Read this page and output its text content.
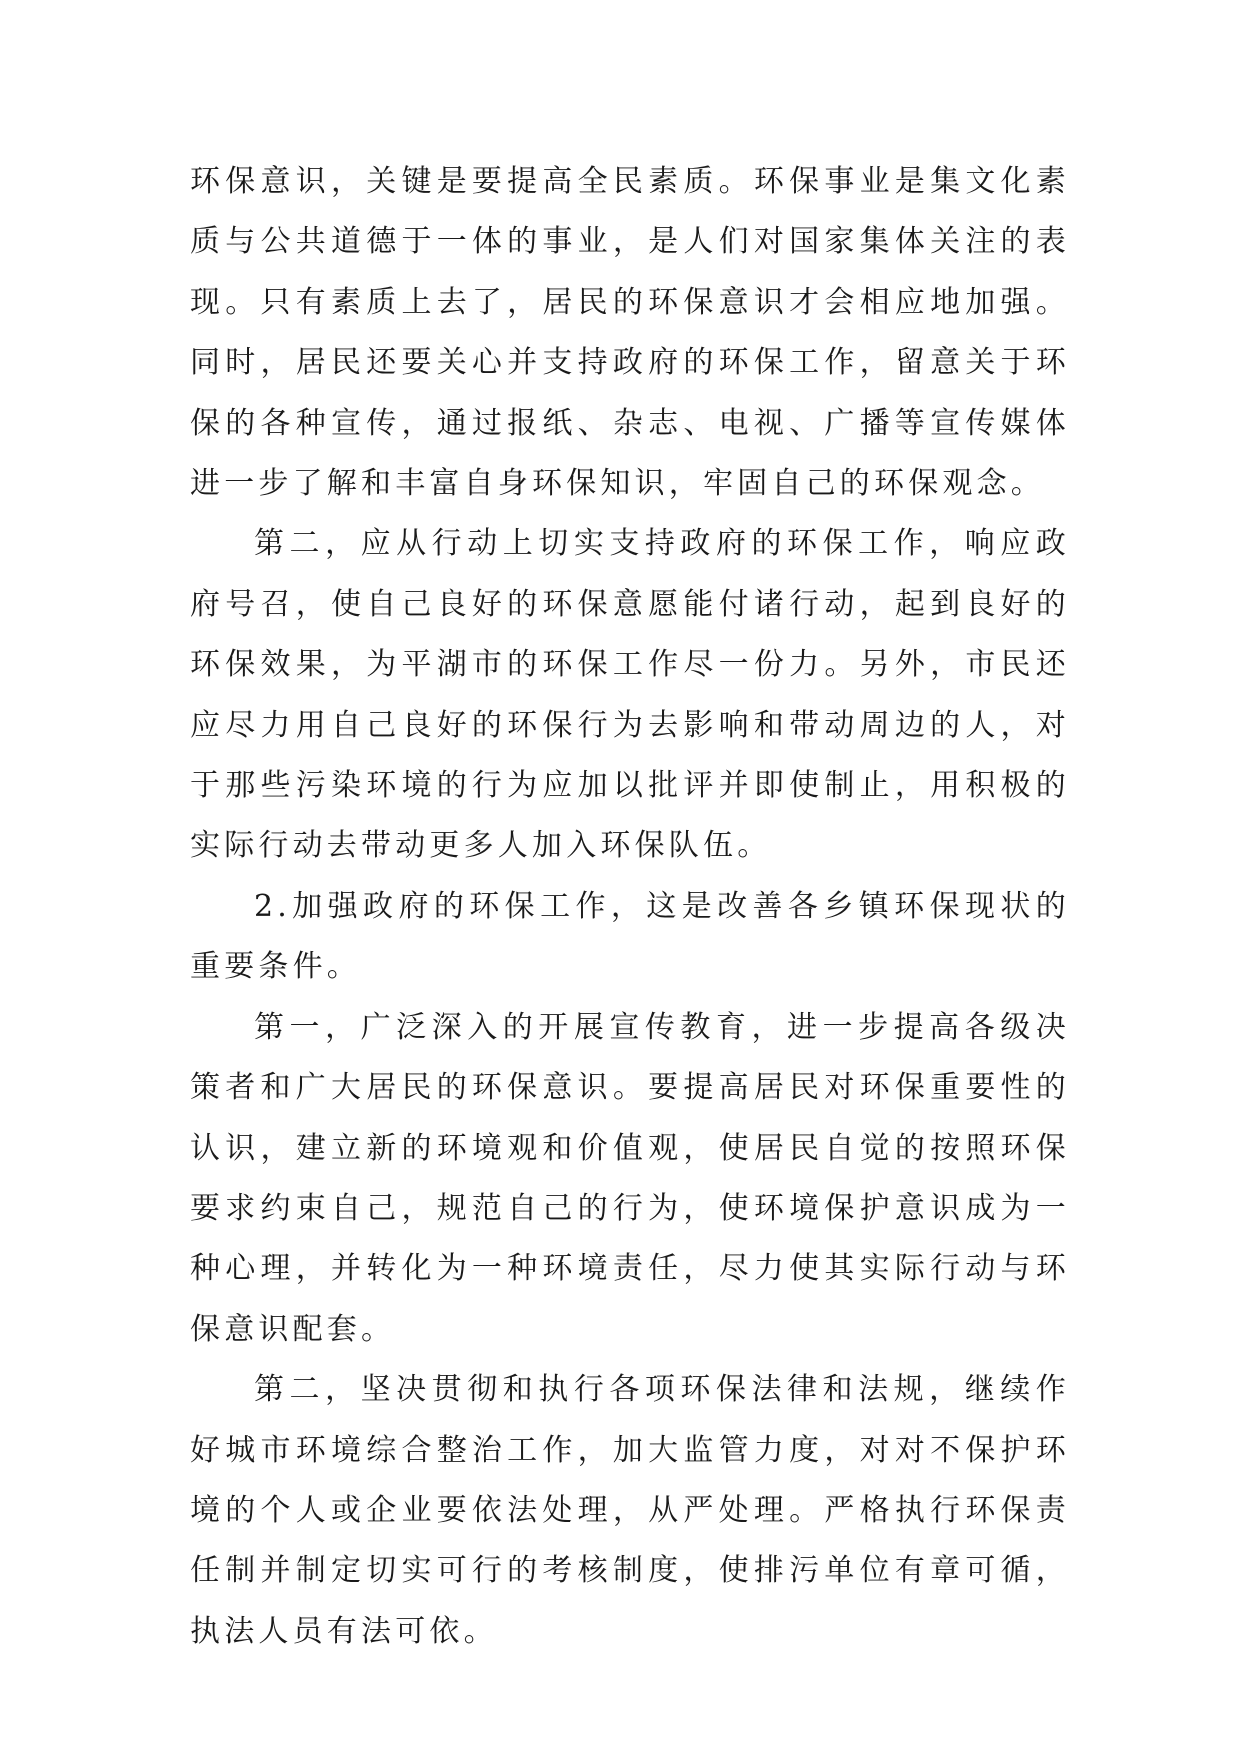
环保意识，关键是要提高全民素质。环保事业是集文化素质与公共道德于一体的事业，是人们对国家集体关注的表现。只有素质上去了，居民的环保意识才会相应地加强。同时，居民还要关心并支持政府的环保工作，留意关于环保的各种宣传，通过报纸、杂志、电视、广播等宣传媒体进一步了解和丰富自身环保知识，牢固自己的环保观念。

第二，应从行动上切实支持政府的环保工作，响应政府号召，使自己良好的环保意愿能付诸行动，起到良好的环保效果，为平湖市的环保工作尽一份力。另外，市民还应尽力用自己良好的环保行为去影响和带动周边的人，对于那些污染环境的行为应加以批评并即使制止，用积极的实际行动去带动更多人加入环保队伍。

2.加强政府的环保工作，这是改善各乡镇环保现状的重要条件。

第一，广泛深入的开展宣传教育，进一步提高各级决策者和广大居民的环保意识。要提高居民对环保重要性的认识，建立新的环境观和价值观，使居民自觉的按照环保要求约束自己，规范自己的行为，使环境保护意识成为一种心理，并转化为一种环境责任，尽力使其实际行动与环保意识配套。

第二，坚决贯彻和执行各项环保法律和法规，继续作好城市环境综合整治工作，加大监管力度，对对不保护环境的个人或企业要依法处理，从严处理。严格执行环保责任制并制定切实可行的考核制度，使排污单位有章可循，执法人员有法可依。
